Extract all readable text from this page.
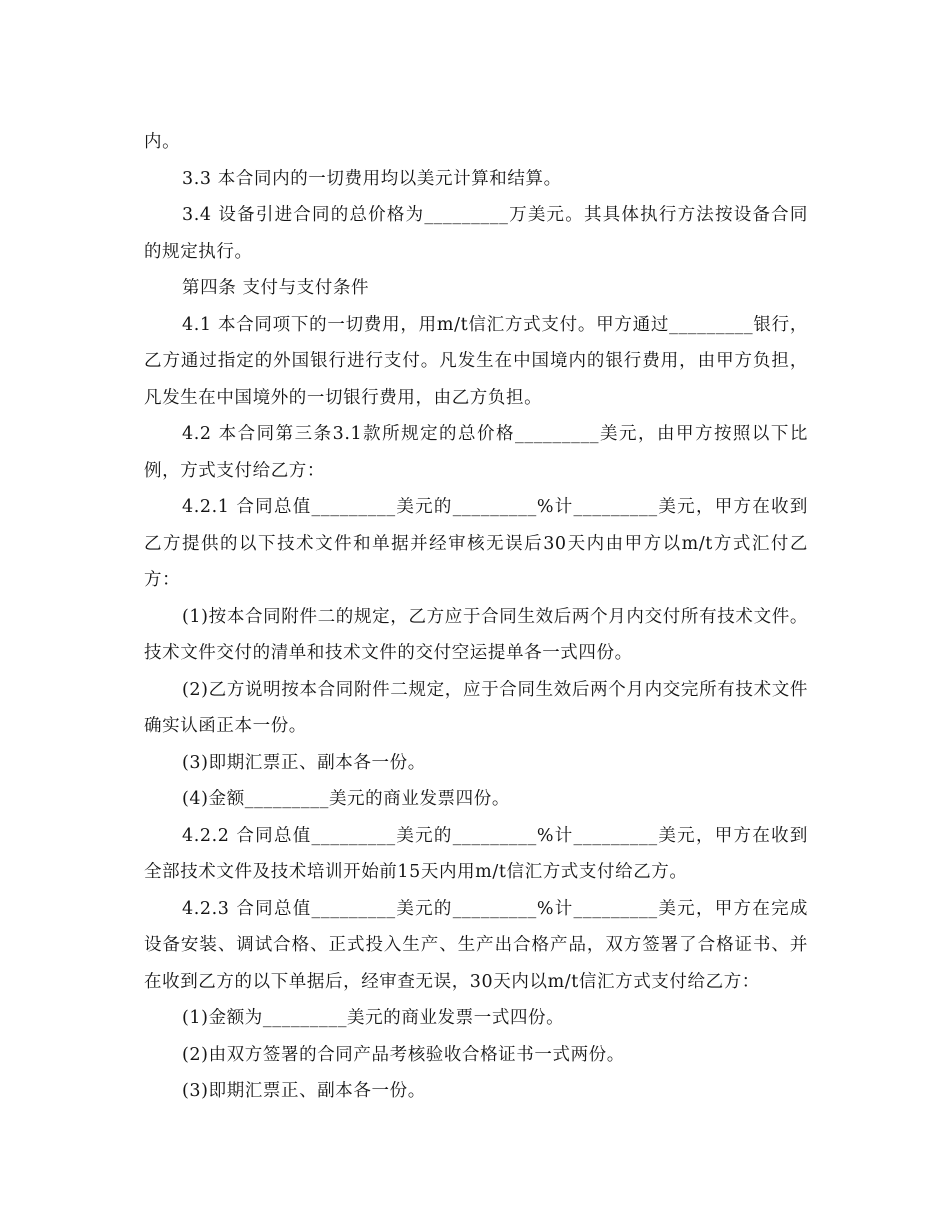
内。

3.3 本合同内的一切费用均以美元计算和结算。

3.4 设备引进合同的总价格为_________万美元。其具体执行方法按设备合同的规定执行。

第四条 支付与支付条件

4.1 本合同项下的一切费用，用m/t信汇方式支付。甲方通过_________银行，乙方通过指定的外国银行进行支付。凡发生在中国境内的银行费用，由甲方负担，凡发生在中国境外的一切银行费用，由乙方负担。

4.2 本合同第三条3.1款所规定的总价格_________美元，由甲方按照以下比例，方式支付给乙方：

4.2.1 合同总值_________美元的_________%计_________美元，甲方在收到乙方提供的以下技术文件和单据并经审核无误后30天内由甲方以m/t方式汇付乙方：

(1)按本合同附件二的规定，乙方应于合同生效后两个月内交付所有技术文件。技术文件交付的清单和技术文件的交付空运提单各一式四份。

(2)乙方说明按本合同附件二规定，应于合同生效后两个月内交完所有技术文件确实认函正本一份。

(3)即期汇票正、副本各一份。

(4)金额_________美元的商业发票四份。

4.2.2 合同总值_________美元的_________%计_________美元，甲方在收到全部技术文件及技术培训开始前15天内用m/t信汇方式支付给乙方。

4.2.3 合同总值_________美元的_________%计_________美元，甲方在完成设备安装、调试合格、正式投入生产、生产出合格产品，双方签署了合格证书、并在收到乙方的以下单据后，经审查无误，30天内以m/t信汇方式支付给乙方：

(1)金额为_________美元的商业发票一式四份。

(2)由双方签署的合同产品考核验收合格证书一式两份。

(3)即期汇票正、副本各一份。
